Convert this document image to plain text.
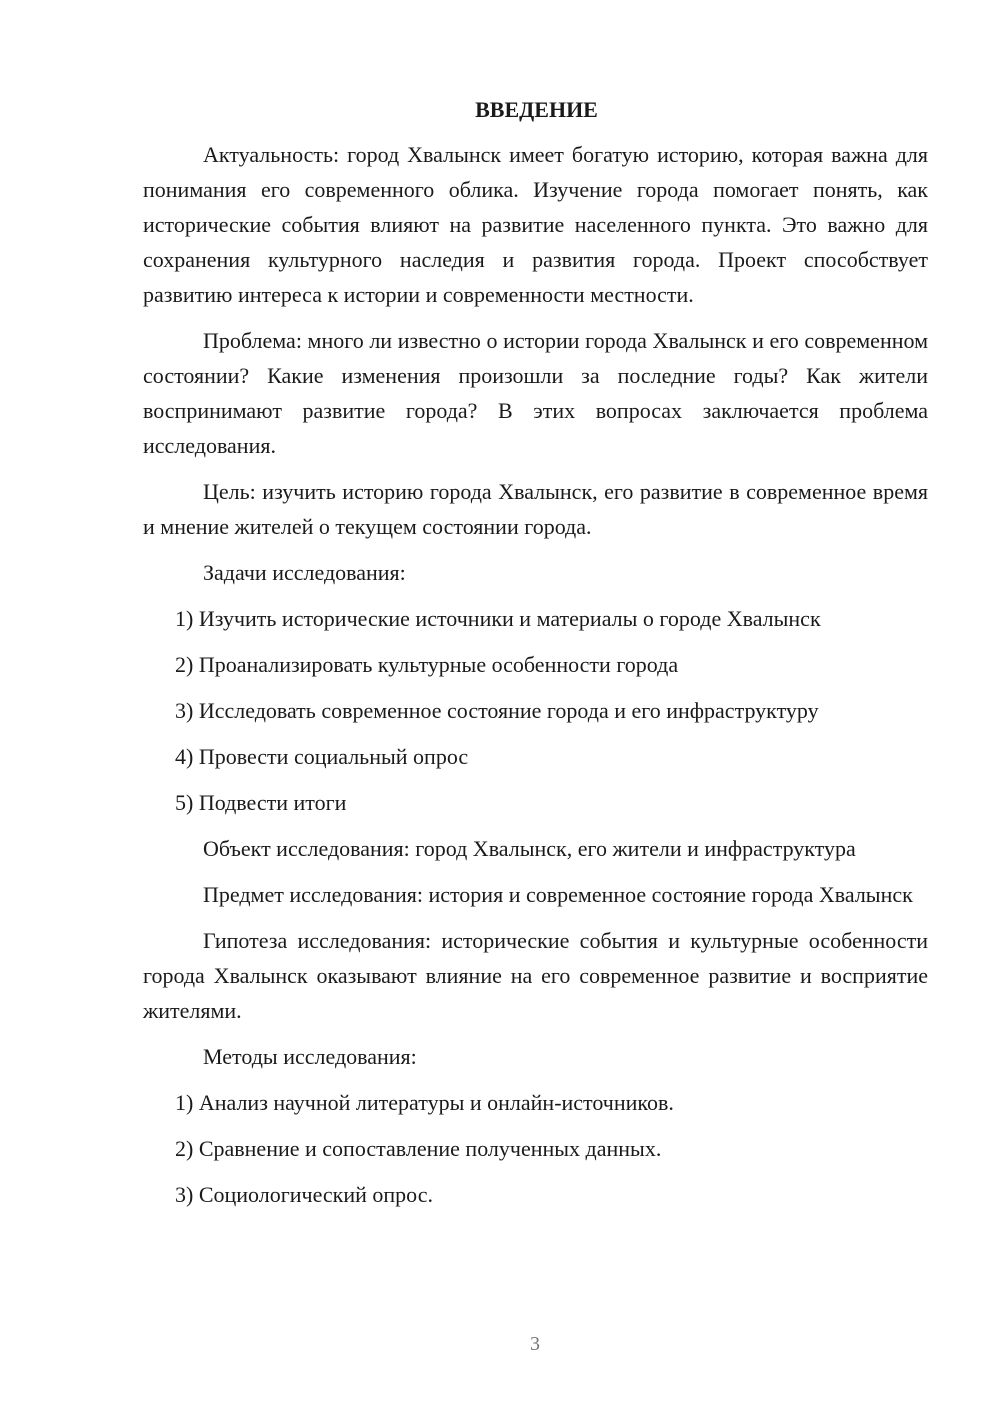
ВВЕДЕНИЕ

Актуальность: город Хвалынск имеет богатую историю, которая важна для понимания его современного облика. Изучение города помогает понять, как исторические события влияют на развитие населенного пункта. Это важно для сохранения культурного наследия и развития города. Проект способствует развитию интереса к истории и современности местности.

Проблема: много ли известно о истории города Хвалынск и его современном состоянии? Какие изменения произошли за последние годы? Как жители воспринимают развитие города? В этих вопросах заключается проблема исследования.

Цель: изучить историю города Хвалынск, его развитие в современное время и мнение жителей о текущем состоянии города.

Задачи исследования:

1) Изучить исторические источники и материалы о городе Хвалынск
2) Проанализировать культурные особенности города
3) Исследовать современное состояние города и его инфраструктуру
4) Провести социальный опрос
5) Подвести итоги

Объект исследования: город Хвалынск, его жители и инфраструктура

Предмет исследования: история и современное состояние города Хвалынск

Гипотеза исследования: исторические события и культурные особенности города Хвалынск оказывают влияние на его современное развитие и восприятие жителями.

Методы исследования:

1) Анализ научной литературы и онлайн-источников.
2) Сравнение и сопоставление полученных данных.
3) Социологический опрос.
3
